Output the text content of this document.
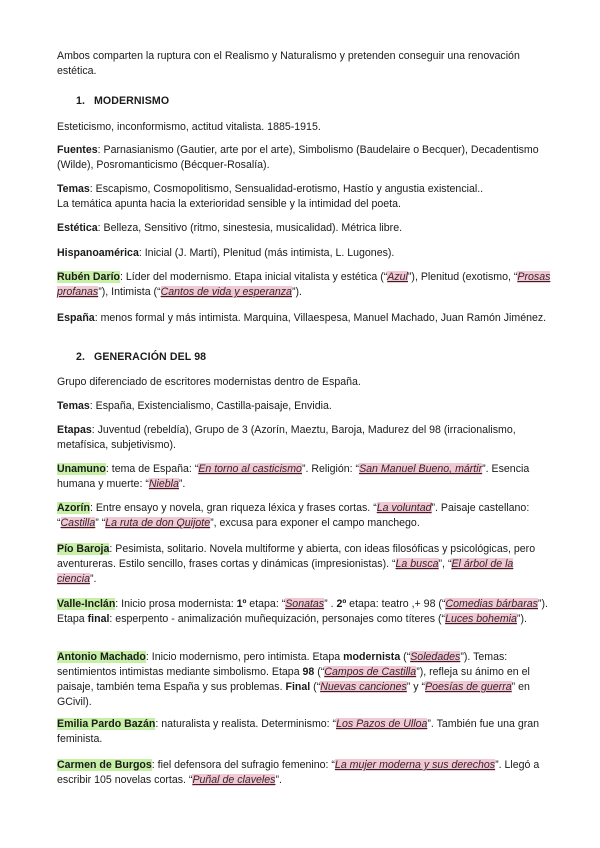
Ambos comparten la ruptura con el Realismo y Naturalismo y pretenden conseguir una renovación estética.

1. MODERNISMO

Esteticismo, inconformismo, actitud vitalista. 1885-1915.

Fuentes: Parnasianismo (Gautier, arte por el arte), Simbolismo (Baudelaire o Becquer), Decadentismo (Wilde), Posromanticismo (Bécquer-Rosalía).

Temas: Escapismo, Cosmopolitismo, Sensualidad-erotismo, Hastío y angustia existencial..
La temática apunta hacia la exterioridad sensible y la intimidad del poeta.

Estética: Belleza, Sensitivo (ritmo, sinestesia, musicalidad). Métrica libre.

Hispanoamérica: Inicial (J. Martí), Plenitud (más intimista, L. Lugones).

Rubén Darío: Líder del modernismo. Etapa inicial vitalista y estética (“Azul”), Plenitud (exotismo, “Prosas profanas”), Intimista (“Cantos de vida y esperanza”).

España: menos formal y más intimista. Marquina, Villaespesa, Manuel Machado, Juan Ramón Jiménez.

2. GENERACIÓN DEL 98

Grupo diferenciado de escritores modernistas dentro de España.

Temas: España, Existencialismo, Castilla-paisaje, Envidia.

Etapas: Juventud (rebeldía), Grupo de 3 (Azorín, Maeztu, Baroja, Madurez del 98 (irracionalismo, metafísica, subjetivismo).

Unamuno: tema de España: “En torno al casticismo”. Religión: “San Manuel Bueno, mártir”. Esencia humana y muerte: “Niebla”.

Azorín: Entre ensayo y novela, gran riqueza léxica y frases cortas. “La voluntad”. Paisaje castellano: “Castilla” “La ruta de don Quijote”, excusa para exponer el campo manchego.

Pío Baroja: Pesimista, solitario. Novela multiforme y abierta, con ideas filosóficas y psicológicas, pero aventureras. Estilo sencillo, frases cortas y dinámicas (impresionistas). “La busca”, “El árbol de la ciencia”.

Valle-Inclán: Inicio prosa modernista: 1º etapa: “Sonatas” . 2º etapa: teatro ,+ 98 (“Comedias bárbaras”). Etapa final: esperpento - animalización muñequización, personajes como títeres (“Luces bohemia”).

Antonio Machado: Inicio modernismo, pero intimista. Etapa modernista (“Soledades”). Temas: sentimientos intimistas mediante simbolismo. Etapa 98 (“Campos de Castilla”), refleja su ánimo en el paisaje, también tema España y sus problemas. Final (“Nuevas canciones” y “Poesías de guerra” en GCivil).

Emilia Pardo Bazán: naturalista y realista. Determinismo: “Los Pazos de Ulloa”. También fue una gran feminista.

Carmen de Burgos: fiel defensora del sufragio femenino: “La mujer moderna y sus derechos”. Llegó a escribir 105 novelas cortas. “Puñal de claveles”.
